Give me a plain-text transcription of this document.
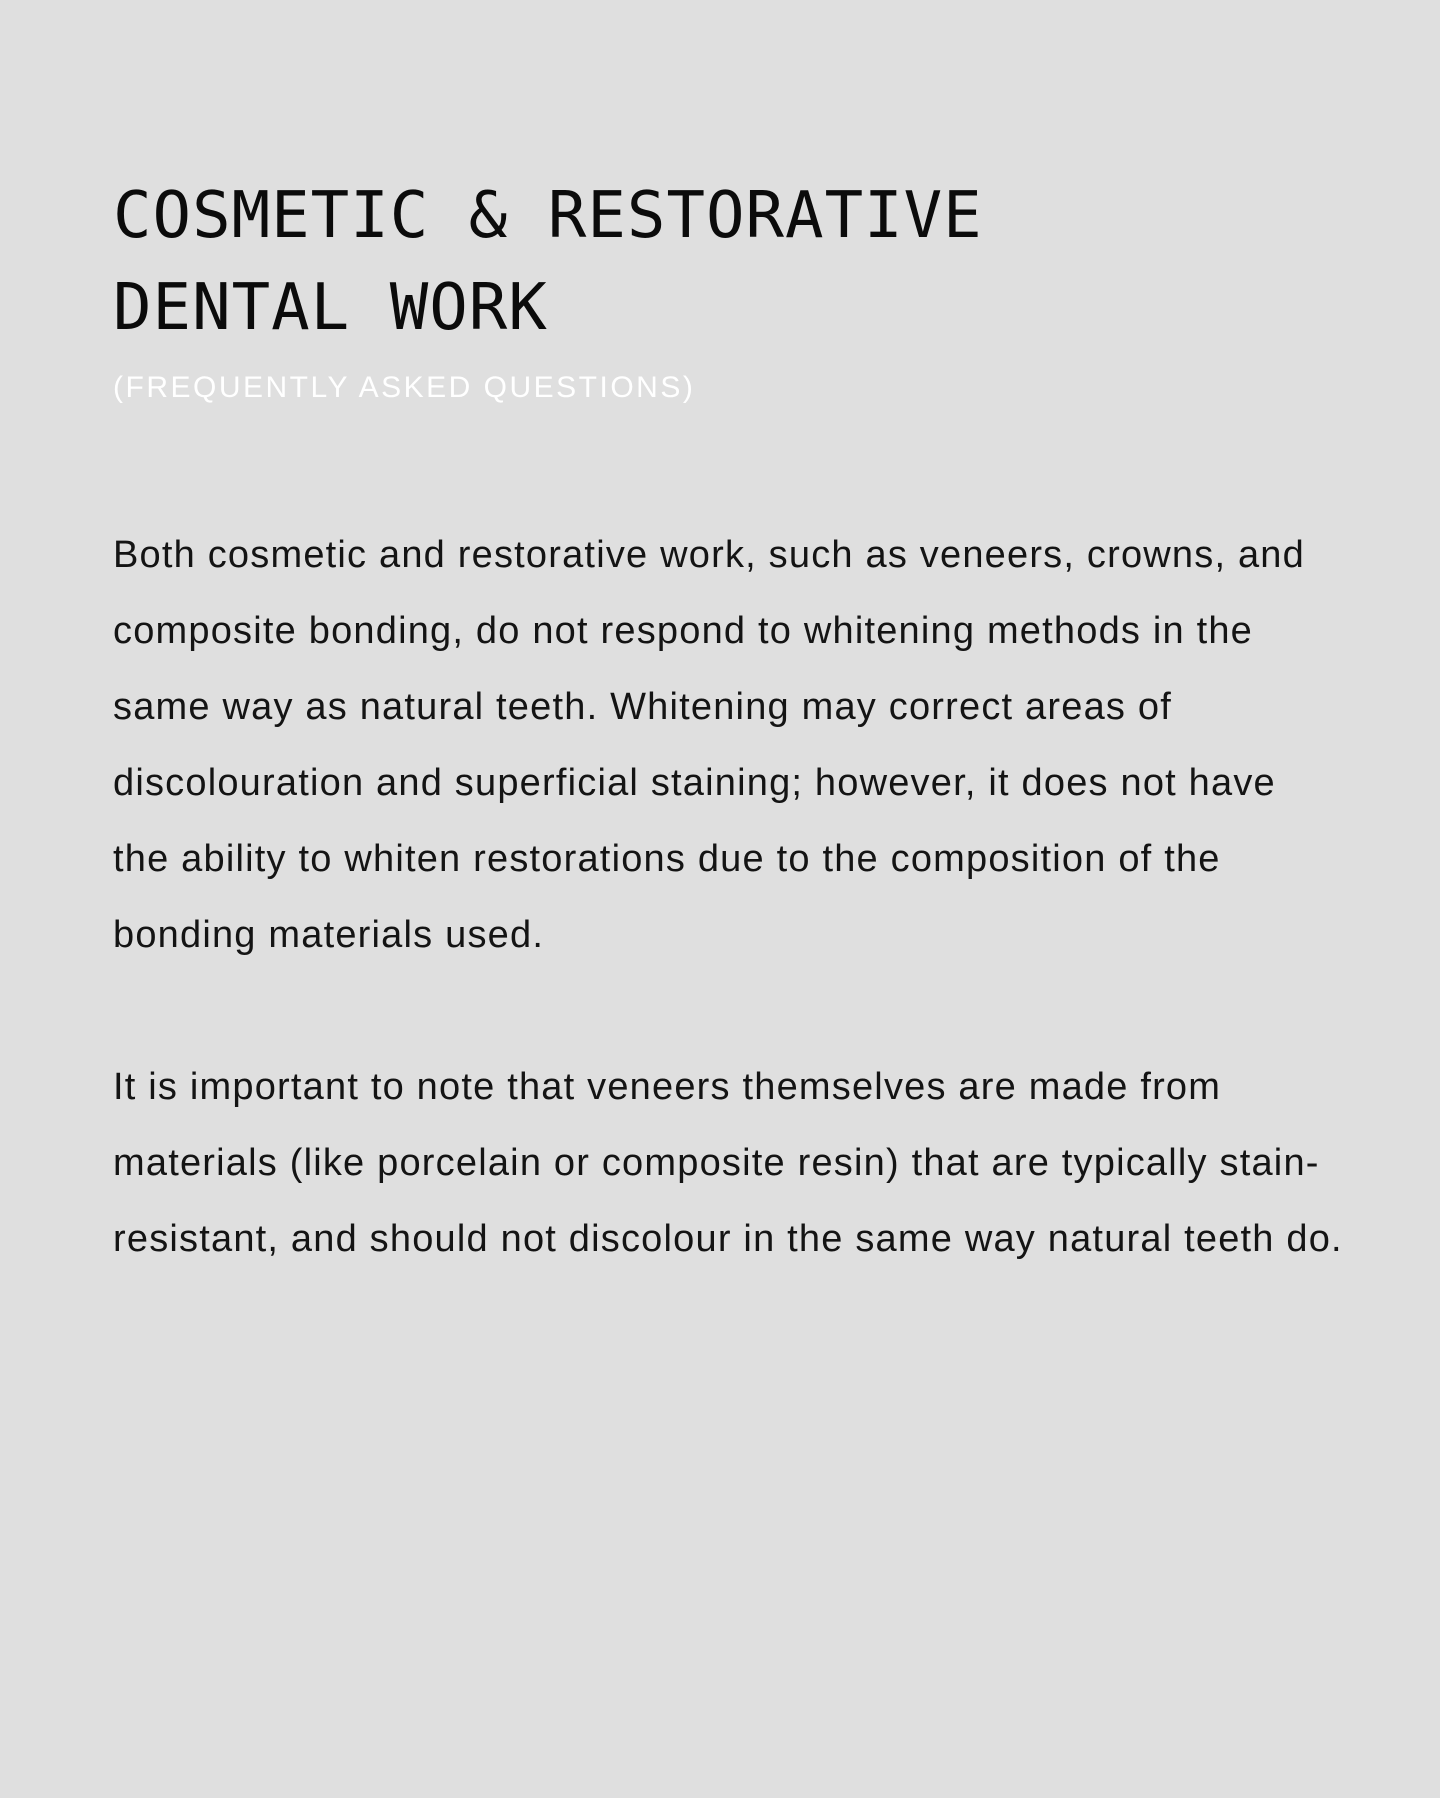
COSMETIC & RESTORATIVE
DENTAL WORK
(FREQUENTLY ASKED QUESTIONS)

Both cosmetic and restorative work, such as veneers, crowns, and composite bonding, do not respond to whitening methods in the same way as natural teeth. Whitening may correct areas of discolouration and superficial staining; however, it does not have the ability to whiten restorations due to the composition of the bonding materials used.

It is important to note that veneers themselves are made from materials (like porcelain or composite resin) that are typically stain-resistant, and should not discolour in the same way natural teeth do.
